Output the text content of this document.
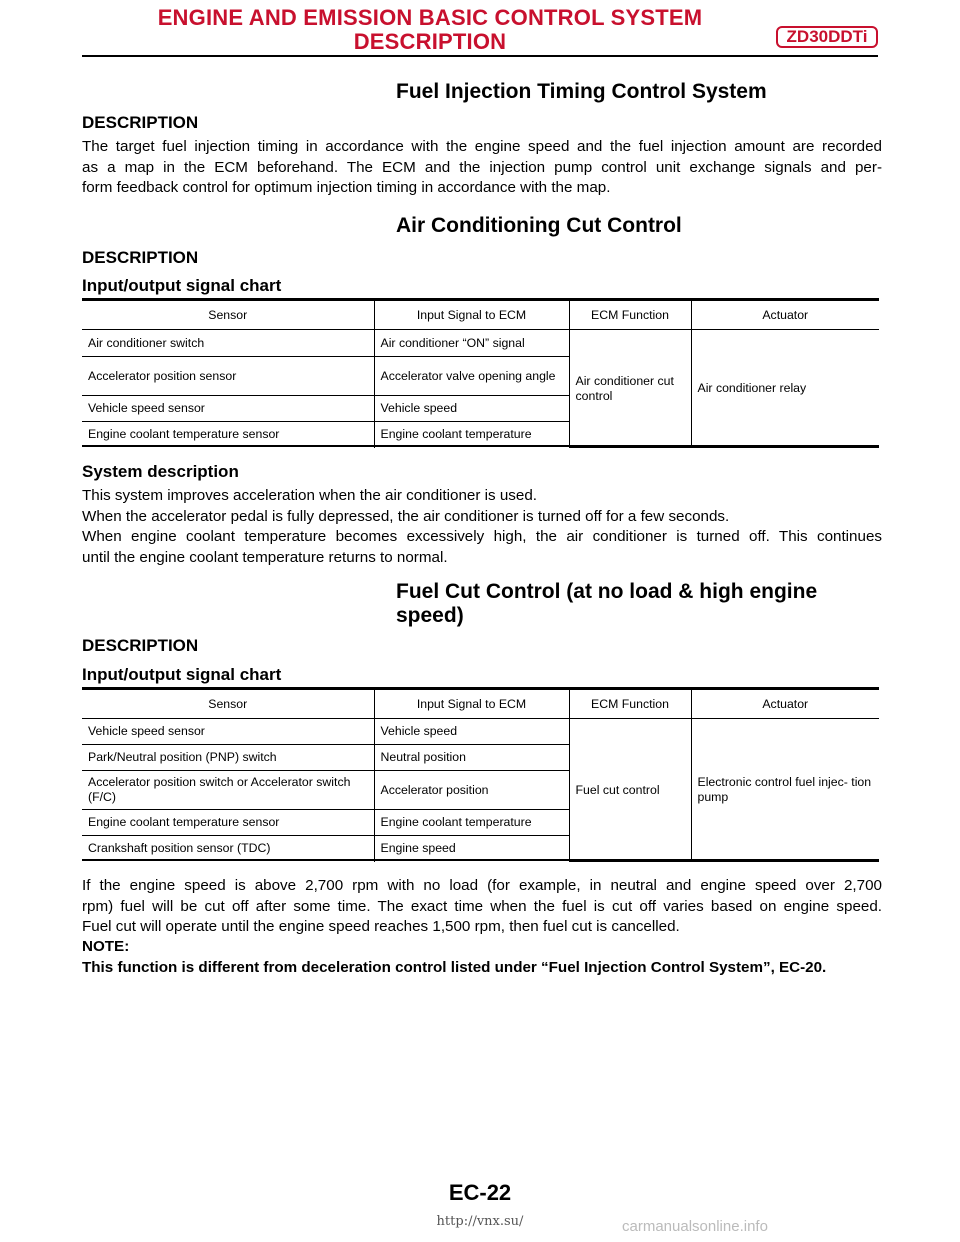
ENGINE AND EMISSION BASIC CONTROL SYSTEM
DESCRIPTION	ZD30DDTi
Fuel Injection Timing Control System
DESCRIPTION
The target fuel injection timing in accordance with the engine speed and the fuel injection amount are recorded
as a map in the ECM beforehand. The ECM and the injection pump control unit exchange signals and per-
form feedback control for optimum injection timing in accordance with the map.
Air Conditioning Cut Control
DESCRIPTION
Input/output signal chart
Sensor	Input Signal to ECM	ECM Function	Actuator
Air conditioner switch	Air conditioner “ON” signal	Air conditioner cut control	Air conditioner relay
Accelerator position sensor	Accelerator valve opening angle		
Vehicle speed sensor	Vehicle speed		
Engine coolant temperature sensor	Engine coolant temperature		
System description
This system improves acceleration when the air conditioner is used.
When the accelerator pedal is fully depressed, the air conditioner is turned off for a few seconds.
When engine coolant temperature becomes excessively high, the air conditioner is turned off. This continues
until the engine coolant temperature returns to normal.
Fuel Cut Control (at no load & high engine
speed)
DESCRIPTION
Input/output signal chart
Sensor	Input Signal to ECM	ECM Function	Actuator
Vehicle speed sensor	Vehicle speed	Fuel cut control	Electronic control fuel injec- tion pump
Park/Neutral position (PNP) switch	Neutral position		
Accelerator position switch or Accelerator switch (F/C)	Accelerator position		
Engine coolant temperature sensor	Engine coolant temperature		
Crankshaft position sensor (TDC)	Engine speed		
If the engine speed is above 2,700 rpm with no load (for example, in neutral and engine speed over 2,700
rpm) fuel will be cut off after some time. The exact time when the fuel is cut off varies based on engine speed.
Fuel cut will operate until the engine speed reaches 1,500 rpm, then fuel cut is cancelled.
NOTE:
This function is different from deceleration control listed under “Fuel Injection Control System”, EC-20.
EC-22
http://vnx.su/	carmanualsonline.info
